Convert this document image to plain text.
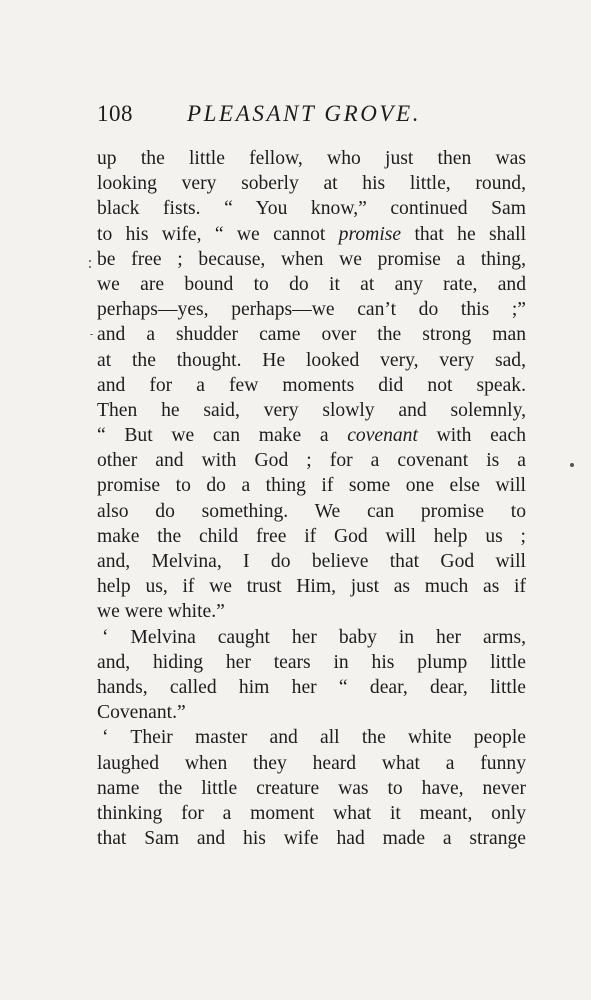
108 PLEASANT GROVE.
up the little fellow, who just then was
looking very soberly at his little, round,
black fists. “ You know,” continued Sam
to his wife, “ we cannot promise that he shall
be free ; because, when we promise a thing,
we are bound to do it at any rate, and
perhaps—yes, perhaps—we can’t do this ;”
and a shudder came over the strong man
at the thought. He looked very, very sad,
and for a few moments did not speak.
Then he said, very slowly and solemnly,
“ But we can make a covenant with each
other and with God ; for a covenant is a
promise to do a thing if some one else will
also do something. We can promise to
make the child free if God will help us ;
and, Melvina, I do believe that God will
help us, if we trust Him, just as much as if
we were white.”
‘ Melvina caught her baby in her arms,
and, hiding her tears in his plump little
hands, called him her “ dear, dear, little
Covenant.”
‘ Their master and all the white people
laughed when they heard what a funny
name the little creature was to have, never
thinking for a moment what it meant, only
that Sam and his wife had made a strange
